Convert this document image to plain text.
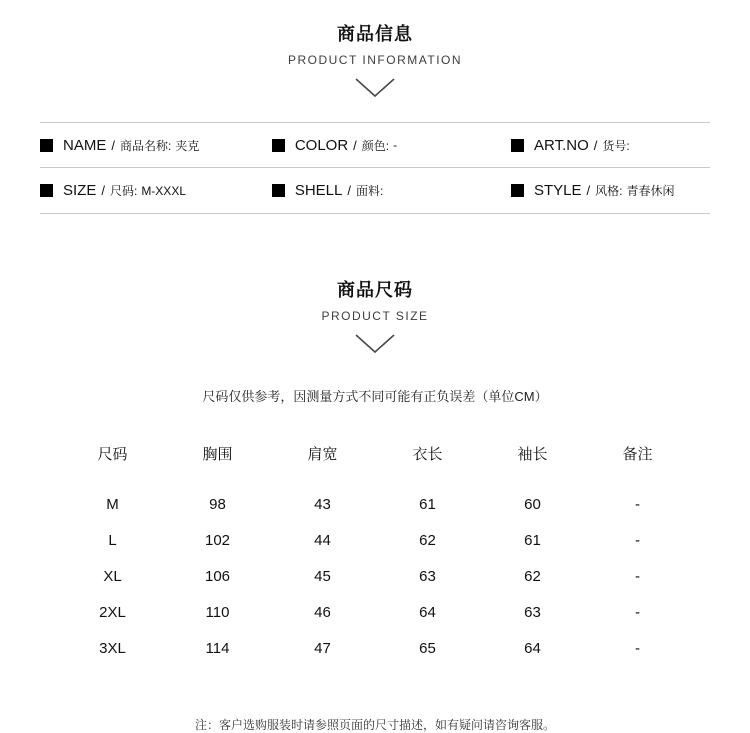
商品信息
PRODUCT INFORMATION
NAME / 商品名称: 夹克	COLOR / 颜色: -	ART.NO / 货号:
SIZE / 尺码: M-XXXL	SHELL / 面料:	STYLE / 风格: 青春休闲
商品尺码
PRODUCT SIZE
尺码仅供参考，因测量方式不同可能有正负误差（单位CM）
尺码	胸围	肩宽	衣长	袖长	备注
M	98	43	61	60	-
L	102	44	62	61	-
XL	106	45	63	62	-
2XL	110	46	64	63	-
3XL	114	47	65	64	-
注：客户选购服装时请参照页面的尺寸描述，如有疑问请咨询客服。
